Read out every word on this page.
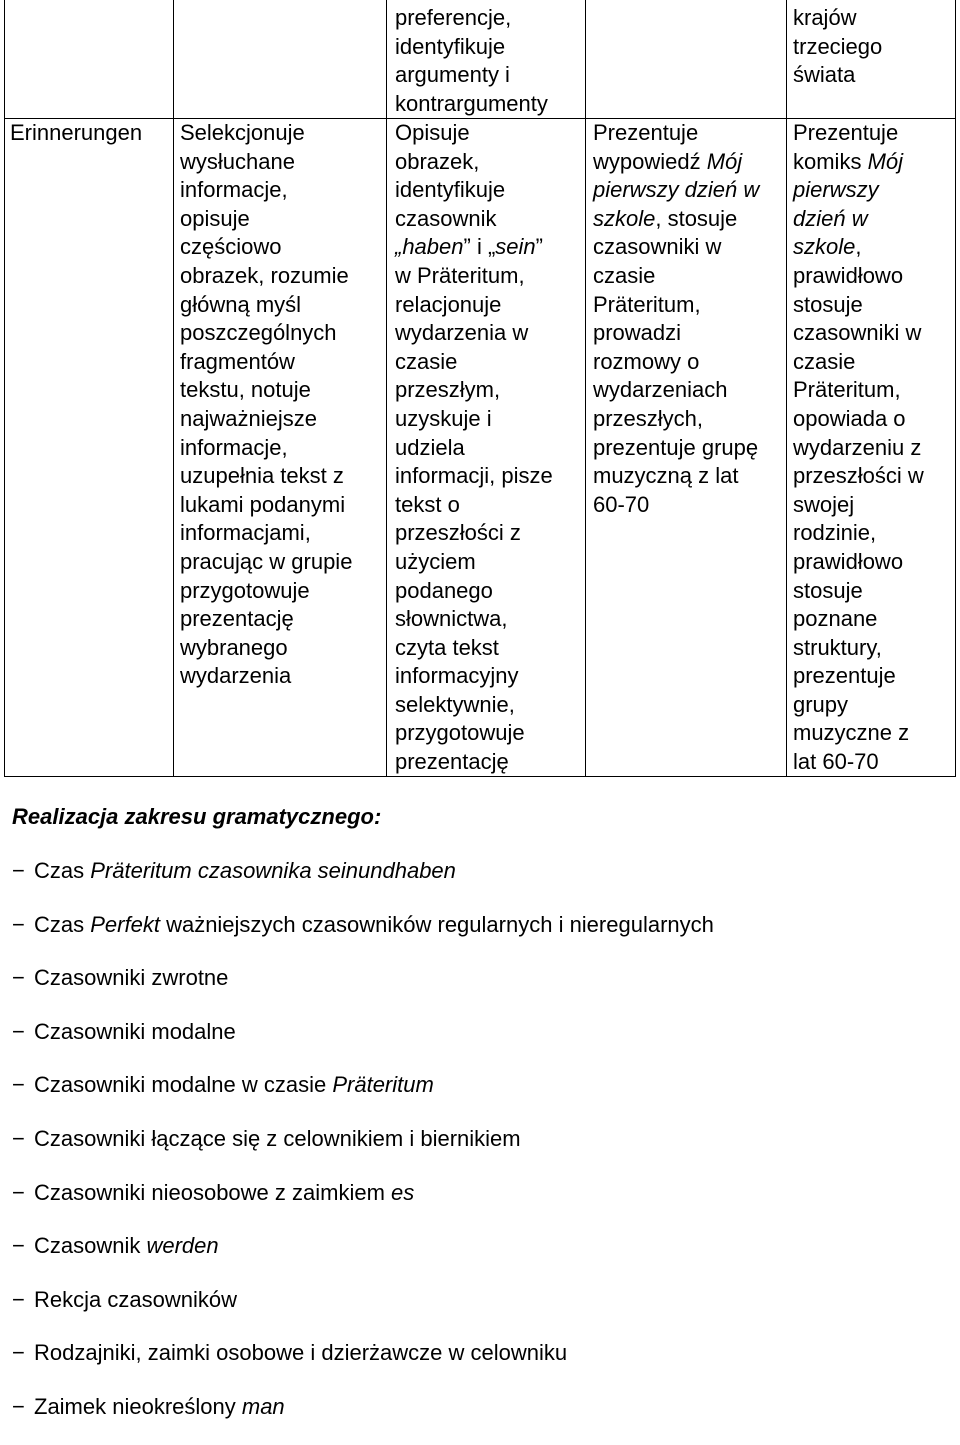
preferencje,
identyfikuje
argumenty i
kontrargumenty
krajów
trzeciego
świata
Erinnerungen Selekcjonuje
wysłuchane
informacje,
opisuje
częściowo
obrazek, rozumie
główną myśl
poszczególnych
fragmentów
tekstu, notuje
najważniejsze
informacje,
uzupełnia tekst z
lukami podanymi
informacjami,
pracując w grupie
przygotowuje
prezentację
wybranego
wydarzenia
Opisuje
obrazek,
identyfikuje
czasownik
„haben” i „sein”
w Präteritum,
relacjonuje
wydarzenia w
czasie
przeszłym,
uzyskuje i
udziela
informacji, pisze
tekst o
przeszłości z
użyciem
podanego
słownictwa,
czyta tekst
informacyjny
selektywnie,
przygotowuje
prezentację
Prezentuje
wypowiedź Mój
pierwszy dzień w
szkole, stosuje
czasowniki w
czasie
Präteritum,
prowadzi
rozmowy o
wydarzeniach
przeszłych,
prezentuje grupę
muzyczną z lat
60-70
Prezentuje
komiks Mój
pierwszy
dzień w
szkole,
prawidłowo
stosuje
czasowniki w
czasie
Präteritum,
opowiada o
wydarzeniu z
przeszłości w
swojej
rodzinie,
prawidłowo
stosuje
poznane
struktury,
prezentuje
grupy
muzyczne z
lat 60-70

Realizacja zakresu gramatycznego:

− Czas Präteritum czasownika seinundhaben
− Czas Perfekt ważniejszych czasowników regularnych i nieregularnych
− Czasowniki zwrotne
− Czasowniki modalne
− Czasowniki modalne w czasie Präteritum
− Czasowniki łączące się z celownikiem i biernikiem
− Czasowniki nieosobowe z zaimkiem es
− Czasownik werden
− Rekcja czasowników
− Rodzajniki, zaimki osobowe i dzierżawcze w celowniku
− Zaimek nieokreślony man
